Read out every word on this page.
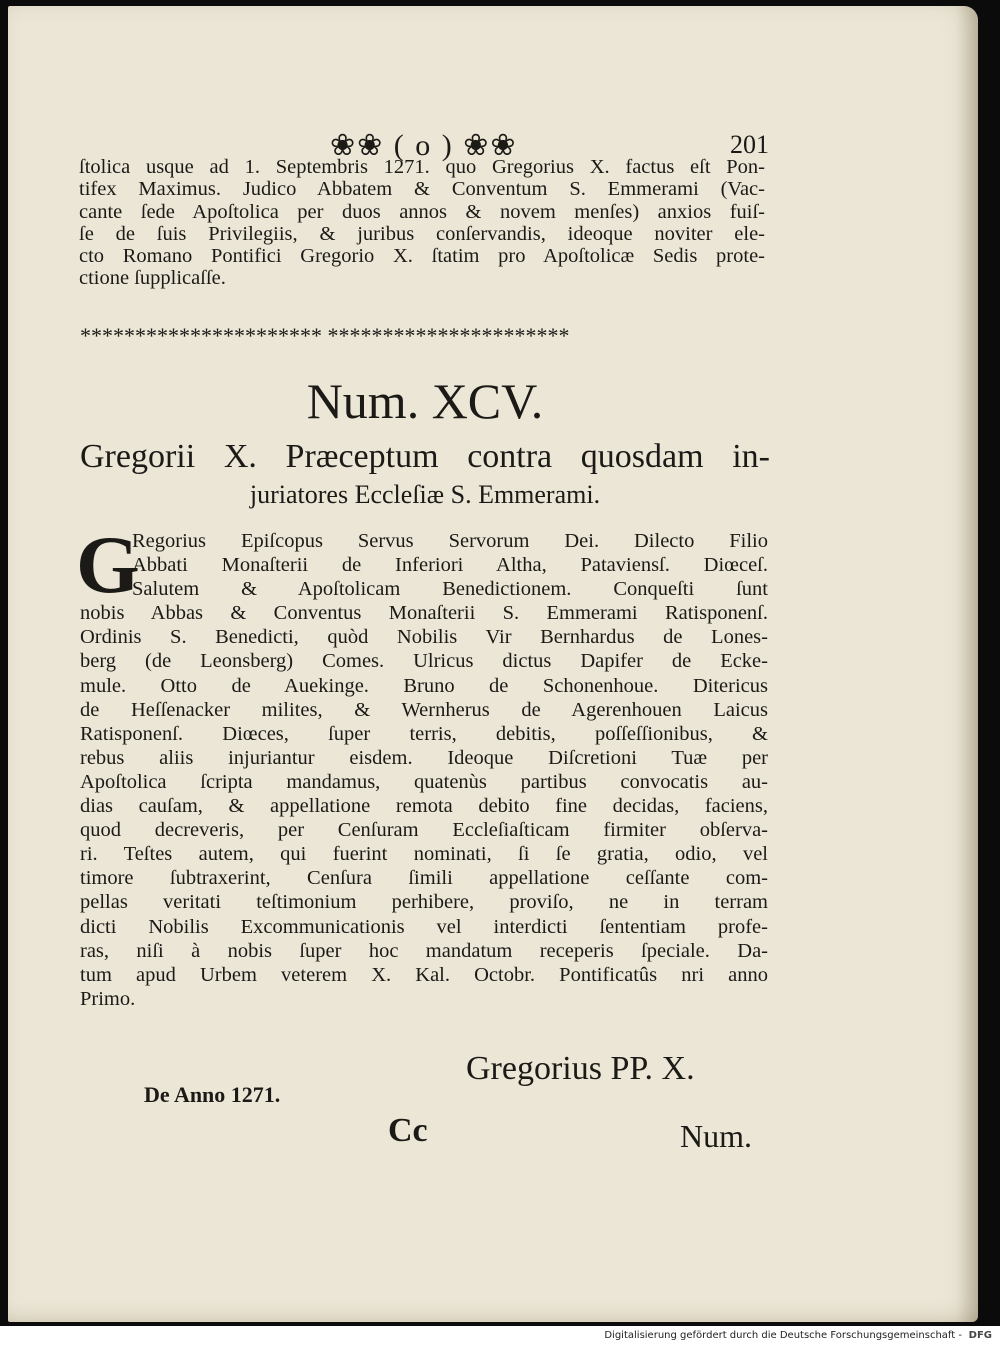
❀❀ ( o ) ❀❀	201

ſtolica usque ad 1. Septembris 1271. quo Gregorius X. factus eſt Pon-
tifex Maximus. Judico Abbatem & Conventum S. Emmerami (Vac-
cante ſede Apoſtolica per duos annos & novem menſes) anxios fuiſ-
ſe de ſuis Privilegiis, & juribus conſervandis, ideoque noviter ele-
cto Romano Pontifici Gregorio X. ſtatim pro Apoſtolicæ Sedis prote-
ctione ſupplicaſſe.

********************** **********************
Num. XCV.

Gregorii X. Præceptum contra quosdam in-
juriatores Eccleſiæ S. Emmerami.

G

Regorius Epiſcopus Servus Servorum Dei. Dilecto Filio
Abbati Monaſterii de Inferiori Altha, Pataviensſ. Diœceſ.
Salutem & Apoſtolicam Benedictionem. Conqueſti ſunt
nobis Abbas & Conventus Monaſterii S. Emmerami Ratisponenſ.
Ordinis S. Benedicti, quòd Nobilis Vir Bernhardus de Lones-
berg (de Leonsberg) Comes. Ulricus dictus Dapifer de Ecke-
mule. Otto de Auekinge. Bruno de Schonenhoue. Ditericus
de Heſſenacker milites, & Wernherus de Agerenhouen Laicus
Ratisponenſ. Diœces, ſuper terris, debitis, poſſeſſionibus, &
rebus aliis injuriantur eisdem. Ideoque Diſcretioni Tuæ per
Apoſtolica ſcripta mandamus, quatenùs partibus convocatis au-
dias cauſam, & appellatione remota debito fine decidas, faciens,
quod decreveris, per Cenſuram Eccleſiaſticam firmiter obſerva-
ri. Teſtes autem, qui fuerint nominati, ſi ſe gratia, odio, vel
timore ſubtraxerint, Cenſura ſimili appellatione ceſſante com-
pellas veritati teſtimonium perhibere, proviſo, ne in terram
dicti Nobilis Excommunicationis vel interdicti ſententiam profe-
ras, niſi à nobis ſuper hoc mandatum receperis ſpeciale. Da-
tum apud Urbem veterem X. Kal. Octobr. Pontificatûs nri anno
Primo.

Gregorius PP. X.
De Anno 1271.
Cc	Num.
Digitalisierung gefördert durch die Deutsche Forschungsgemeinschaft - DFG
